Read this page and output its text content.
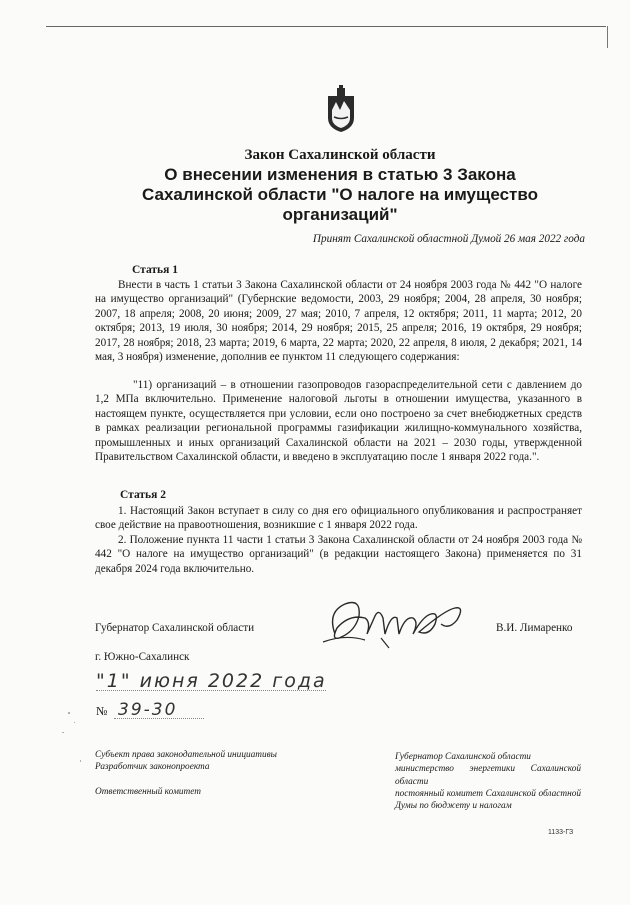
Закон Сахалинской области
О внесении изменения в статью 3 Закона
Сахалинской области "О налоге на имущество
организаций"
Принят Сахалинской областной Думой 26 мая 2022 года
Статья 1

Внести в часть 1 статьи 3 Закона Сахалинской области от 24 ноября 2003 года № 442 "О налоге на имущество организаций" (Губернские ведомости, 2003, 29 ноября; 2004, 28 апреля, 30 ноября; 2007, 18 апреля; 2008, 20 июня; 2009, 27 мая; 2010, 7 апреля, 12 октября; 2011, 11 марта; 2012, 20 октября; 2013, 19 июля, 30 ноября; 2014, 29 ноября; 2015, 25 апреля; 2016, 19 октября, 29 ноября; 2017, 28 ноября; 2018, 23 марта; 2019, 6 марта, 22 марта; 2020, 22 апреля, 8 июля, 2 декабря; 2021, 14 мая, 3 ноября) изменение, дополнив ее пунктом 11 следующего содержания:

"11) организаций – в отношении газопроводов газораспределительной сети с давлением до 1,2 МПа включительно. Применение налоговой льготы в отношении имущества, указанного в настоящем пункте, осуществляется при условии, если оно построено за счет внебюджетных средств в рамках реализации региональной программы газификации жилищно-коммунального хозяйства, промышленных и иных организаций Сахалинской области на 2021 – 2030 годы, утвержденной Правительством Сахалинской области, и введено в эксплуатацию после 1 января 2022 года.".

Статья 2

1. Настоящий Закон вступает в силу со дня его официального опубликования и распространяет свое действие на правоотношения, возникшие с 1 января 2022 года.

2. Положение пункта 11 части 1 статьи 3 Закона Сахалинской области от 24 ноября 2003 года № 442 "О налоге на имущество организаций" (в редакции настоящего Закона) применяется по 31 декабря 2024 года включительно.

Губернатор Сахалинской области	В.И. Лимаренко
г. Южно-Сахалинск
"1" июня 2022 года
№ 39-30
Субъект права законодательной инициативы
Разработчик законопроекта
Ответственный комитет
Губернатор Сахалинской области
министерство энергетики Сахалинской области
постоянный комитет Сахалинской областной Думы по бюджету и налогам
1133-ГЗ
